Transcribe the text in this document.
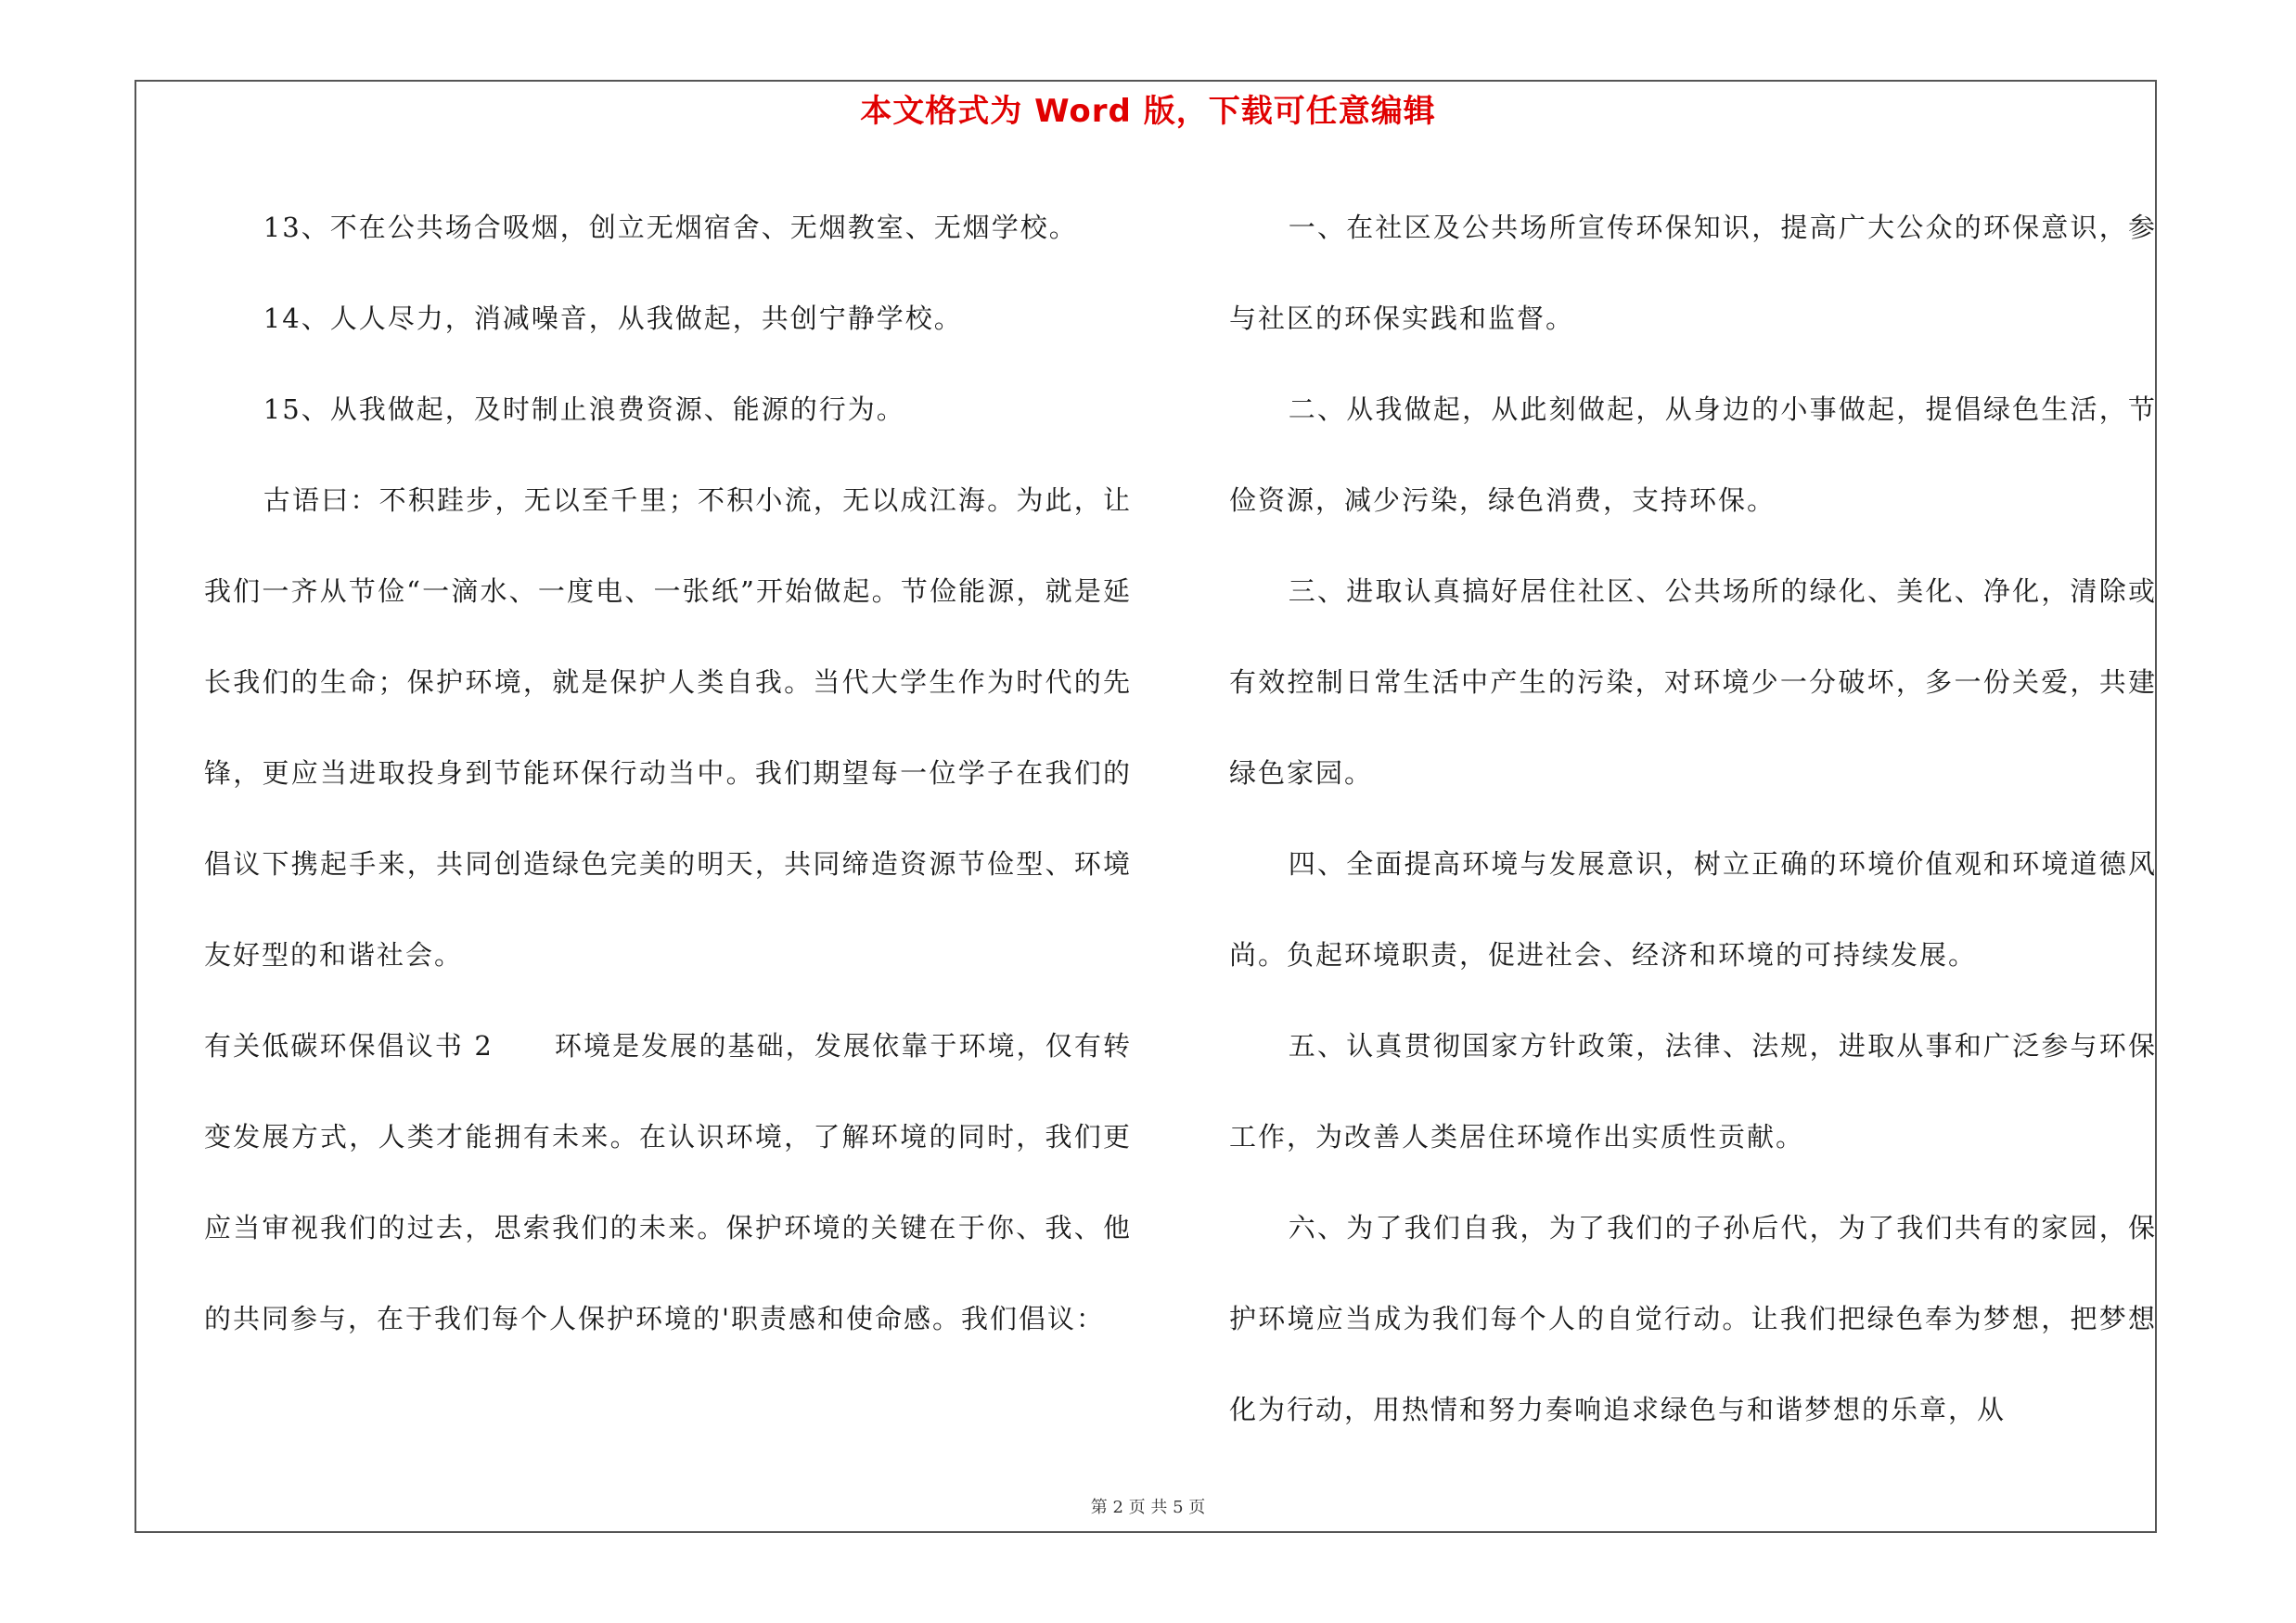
本文格式为 Word 版，下载可任意编辑

13、不在公共场合吸烟，创立无烟宿舍、无烟教室、无烟学校。

14、人人尽力，消减噪音，从我做起，共创宁静学校。

15、从我做起，及时制止浪费资源、能源的行为。

古语曰：不积跬步，无以至千里；不积小流，无以成江海。为此，让我们一齐从节俭“一滴水、一度电、一张纸”开始做起。节俭能源，就是延长我们的生命；保护环境，就是保护人类自我。当代大学生作为时代的先锋，更应当进取投身到节能环保行动当中。我们期望每一位学子在我们的倡议下携起手来，共同创造绿色完美的明天，共同缔造资源节俭型、环境友好型的和谐社会。

有关低碳环保倡议书 2 环境是发展的基础，发展依靠于环境，仅有转变发展方式，人类才能拥有未来。在认识环境，了解环境的同时，我们更应当审视我们的过去，思索我们的未来。保护环境的关键在于你、我、他的共同参与，在于我们每个人保护环境的'职责感和使命感。我们倡议：

一、在社区及公共场所宣传环保知识，提高广大公众的环保意识，参与社区的环保实践和监督。

二、从我做起，从此刻做起，从身边的小事做起，提倡绿色生活，节俭资源，减少污染，绿色消费，支持环保。

三、进取认真搞好居住社区、公共场所的绿化、美化、净化，清除或有效控制日常生活中产生的污染，对环境少一分破坏，多一份关爱，共建绿色家园。

四、全面提高环境与发展意识，树立正确的环境价值观和环境道德风尚。负起环境职责，促进社会、经济和环境的可持续发展。

五、认真贯彻国家方针政策，法律、法规，进取从事和广泛参与环保工作，为改善人类居住环境作出实质性贡献。

六、为了我们自我，为了我们的子孙后代，为了我们共有的家园，保护环境应当成为我们每个人的自觉行动。让我们把绿色奉为梦想，把梦想化为行动，用热情和努力奏响追求绿色与和谐梦想的乐章，从

第 2 页 共 5 页
